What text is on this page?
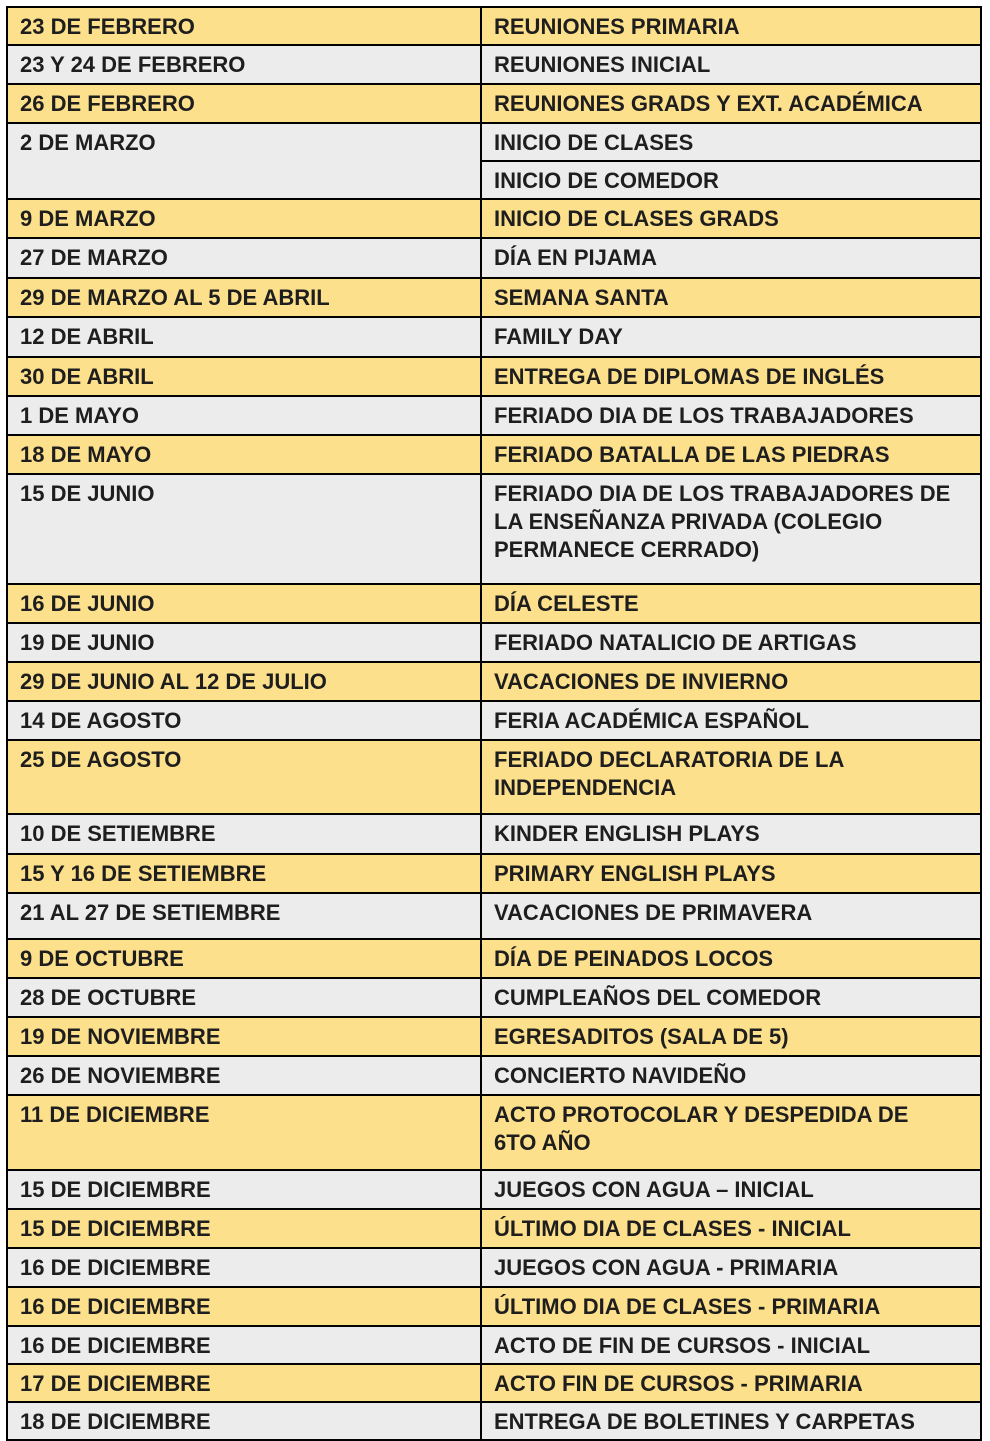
23 DE FEBRERO	REUNIONES PRIMARIA
23 Y 24 DE FEBRERO	REUNIONES INICIAL
26 DE FEBRERO	REUNIONES GRADS Y EXT. ACADÉMICA
2 DE MARZO	INICIO DE CLASES
INICIO DE COMEDOR
9 DE MARZO	INICIO DE CLASES GRADS
27 DE MARZO	DÍA EN PIJAMA
29 DE MARZO AL 5 DE ABRIL	SEMANA SANTA
12 DE ABRIL	FAMILY DAY
30 DE ABRIL	ENTREGA DE DIPLOMAS DE INGLÉS
1 DE MAYO	FERIADO DIA DE LOS TRABAJADORES
18 DE MAYO	FERIADO BATALLA DE LAS PIEDRAS
15 DE JUNIO	FERIADO DIA DE LOS TRABAJADORES DE
LA ENSEÑANZA PRIVADA (COLEGIO
PERMANECE CERRADO)
16 DE JUNIO	DÍA CELESTE
19 DE JUNIO	FERIADO NATALICIO DE ARTIGAS
29 DE JUNIO AL 12 DE JULIO	VACACIONES DE INVIERNO
14 DE AGOSTO	FERIA ACADÉMICA ESPAÑOL
25 DE AGOSTO	FERIADO DECLARATORIA DE LA
INDEPENDENCIA
10 DE SETIEMBRE	KINDER ENGLISH PLAYS
15 Y 16 DE SETIEMBRE	PRIMARY ENGLISH PLAYS
21 AL 27 DE SETIEMBRE	VACACIONES DE PRIMAVERA
9 DE OCTUBRE	DÍA DE PEINADOS LOCOS
28 DE OCTUBRE	CUMPLEAÑOS DEL COMEDOR
19 DE NOVIEMBRE	EGRESADITOS (SALA DE 5)
26 DE NOVIEMBRE	CONCIERTO NAVIDEÑO
11 DE DICIEMBRE	ACTO PROTOCOLAR Y DESPEDIDA DE
6TO AÑO
15 DE DICIEMBRE	JUEGOS CON AGUA – INICIAL
15 DE DICIEMBRE	ÚLTIMO DIA DE CLASES - INICIAL
16 DE DICIEMBRE	JUEGOS CON AGUA - PRIMARIA
16 DE DICIEMBRE	ÚLTIMO DIA DE CLASES - PRIMARIA
16 DE DICIEMBRE	ACTO DE FIN DE CURSOS - INICIAL
17 DE DICIEMBRE	ACTO FIN DE CURSOS - PRIMARIA
18 DE DICIEMBRE	ENTREGA DE BOLETINES Y CARPETAS
